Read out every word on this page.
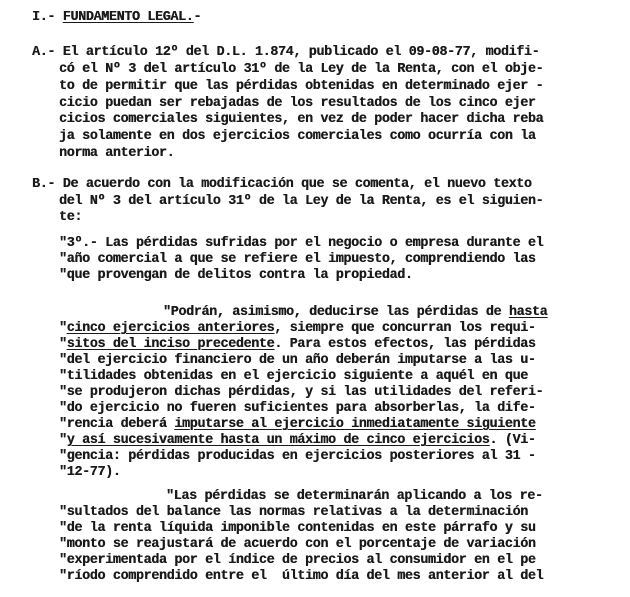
I.- FUNDAMENTO LEGAL.-
A.- El artículo 12º del D.L. 1.874, publicado el 09-08-77, modifi-
có el Nº 3 del artículo 31º de la Ley de la Renta, con el obje-
to de permitir que las pérdidas obtenidas en determinado ejer -
cicio puedan ser rebajadas de los resultados de los cinco ejer
cicios comerciales siguientes, en vez de poder hacer dicha reba
ja solamente en dos ejercicios comerciales como ocurría con la
norma anterior.
B.- De acuerdo con la modificación que se comenta, el nuevo texto
del Nº 3 del artículo 31º de la Ley de la Renta, es el siguien-
te:
"3º.- Las pérdidas sufridas por el negocio o empresa durante el
"año comercial a que se refiere el impuesto, comprendiendo las
"que provengan de delitos contra la propiedad.
"Podrán, asimismo, deducirse las pérdidas de hasta
"cinco ejercicios anteriores, siempre que concurran los requi-
"sitos del inciso precedente. Para estos efectos, las pérdidas
"del ejercicio financiero de un año deberán imputarse a las u-
"tilidades obtenidas en el ejercicio siguiente a aquél en que
"se produjeron dichas pérdidas, y si las utilidades del referi-
"do ejercicio no fueren suficientes para absorberlas, la dife-
"rencia deberá imputarse al ejercicio inmediatamente siguiente
"y así sucesivamente hasta un máximo de cinco ejercicios. (Vi-
"gencia: pérdidas producidas en ejercicios posteriores al 31 -
"12-77).
"Las pérdidas se determinarán aplicando a los re-
"sultados del balance las normas relativas a la determinación
"de la renta líquida imponible contenidas en este párrafo y su
"monto se reajustará de acuerdo con el porcentaje de variación
"experimentada por el índice de precios al consumidor en el pe
"ríodo comprendido entre el  último día del mes anterior al del
